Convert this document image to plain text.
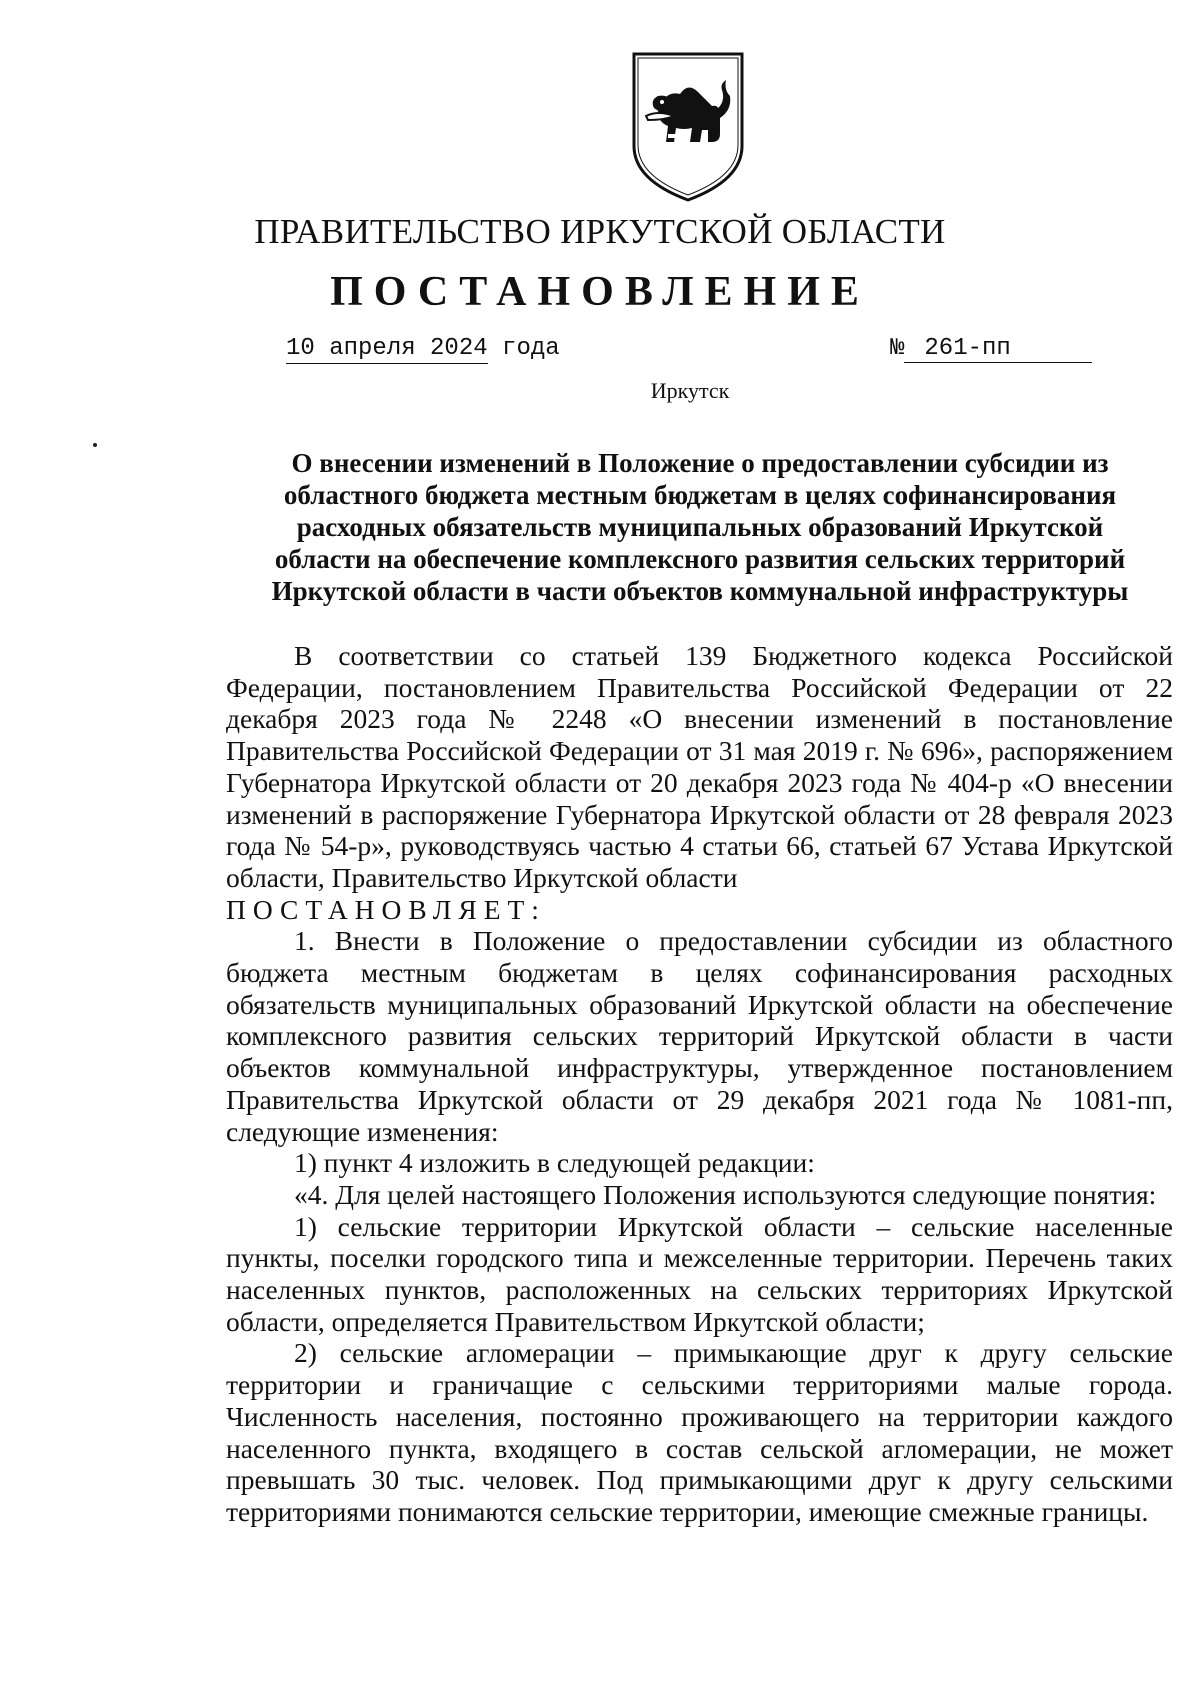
ПРАВИТЕЛЬСТВО ИРКУТСКОЙ ОБЛАСТИ
ПОСТАНОВЛЕНИЕ
10 апреля 2024 года	№ 261-пп
Иркутск
О внесении изменений в Положение о предоставлении субсидии из
областного бюджета местным бюджетам в целях софинансирования
расходных обязательств муниципальных образований Иркутской
области на обеспечение комплексного развития сельских территорий
Иркутской области в части объектов коммунальной инфраструктуры

В соответствии со статьей 139 Бюджетного кодекса Российской Федерации, постановлением Правительства Российской Федерации от 22 декабря 2023 года № 2248 «О внесении изменений в постановление Правительства Российской Федерации от 31 мая 2019 г. № 696», распоряжением Губернатора Иркутской области от 20 декабря 2023 года № 404-р «О внесении изменений в распоряжение Губернатора Иркутской области от 28 февраля 2023 года № 54-р», руководствуясь частью 4 статьи 66, статьей 67 Устава Иркутской области, Правительство Иркутской области

ПОСТАНОВЛЯЕТ:

1. Внести в Положение о предоставлении субсидии из областного бюджета местным бюджетам в целях софинансирования расходных обязательств муниципальных образований Иркутской области на обеспечение комплексного развития сельских территорий Иркутской области в части объектов коммунальной инфраструктуры, утвержденное постановлением Правительства Иркутской области от 29 декабря 2021 года № 1081-пп, следующие изменения:

1) пункт 4 изложить в следующей редакции:

«4. Для целей настоящего Положения используются следующие понятия:

1) сельские территории Иркутской области – сельские населенные пункты, поселки городского типа и межселенные территории. Перечень таких населенных пунктов, расположенных на сельских территориях Иркутской области, определяется Правительством Иркутской области;

2) сельские агломерации – примыкающие друг к другу сельские территории и граничащие с сельскими территориями малые города. Численность населения, постоянно проживающего на территории каждого населенного пункта, входящего в состав сельской агломерации, не может превышать 30 тыс. человек. Под примыкающими друг к другу сельскими территориями понимаются сельские территории, имеющие смежные границы.
